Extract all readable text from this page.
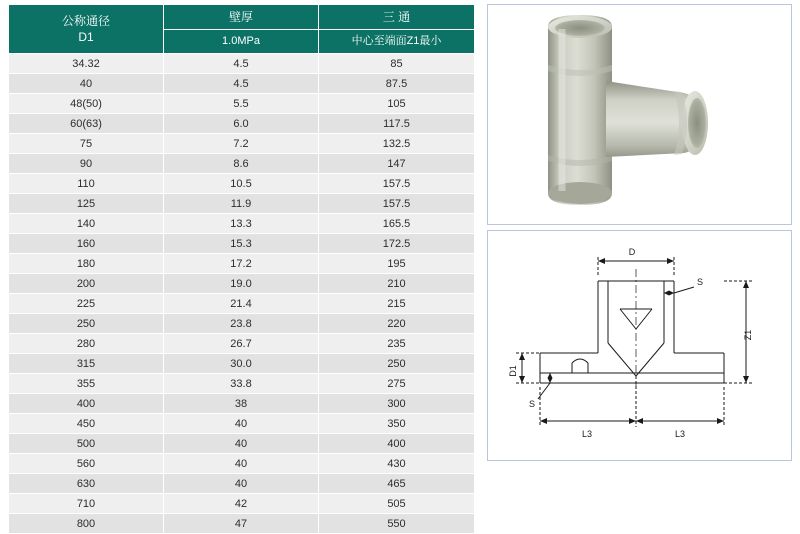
公称通径
D1	壁厚	三 通
	1.0MPa	中心至端面Z1最小
34.32	4.5	85
40	4.5	87.5
48(50)	5.5	105
60(63)	6.0	117.5
75	7.2	132.5
90	8.6	147
110	10.5	157.5
125	11.9	157.5
140	13.3	165.5
160	15.3	172.5
180	17.2	195
200	19.0	210
225	21.4	215
250	23.8	220
280	26.7	235
315	30.0	250
355	33.8	275
400	38	300
450	40	350
500	40	400
560	40	430
630	40	465
710	42	505
800	47	550
D
S
Z1
D1
S
L3	L3
